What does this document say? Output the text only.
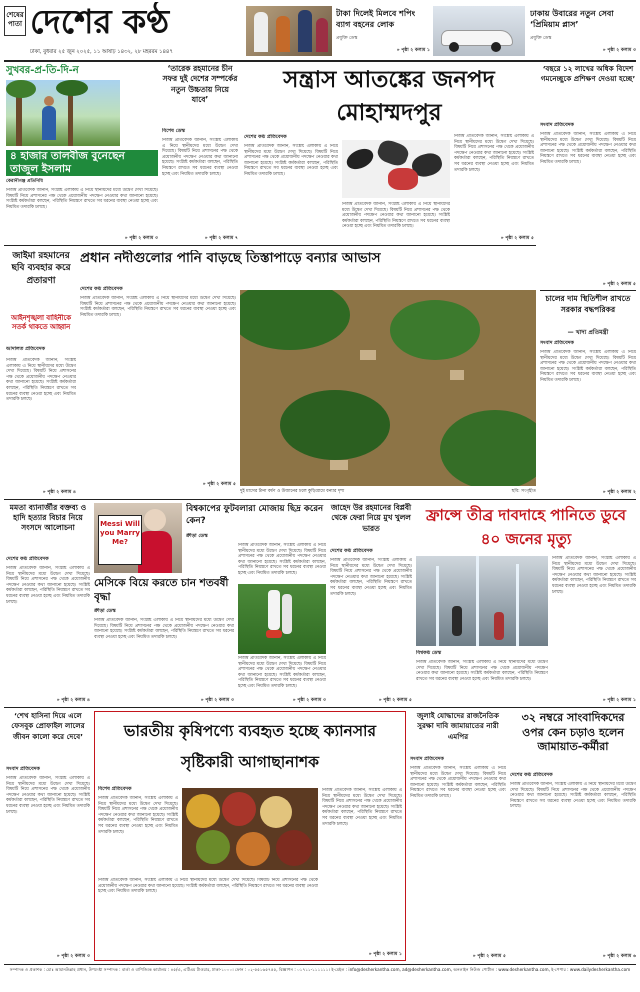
শেষের পাতা দেশের কণ্ঠ
ঢাকা, বুধবার ২৫ জুন ২০২৫, ১১ আষাঢ় ১৪৩২, ২৮ মহররম ১৪৪৭
টাকা দিলেই মিলবে শপিং ব্যাগ বহনের লোক
প্রযুক্তি ডেস্ক
» পৃষ্ঠা ২ কলাম ১
ঢাকায় উবারের নতুন সেবা ‘প্রিমিয়াম প্লাস’
প্রযুক্তি ডেস্ক
» পৃষ্ঠা ২ কলাম ৩
সুখবর-প্র-তি-দি-ন
৪ হাজার তালবীজ বুনেছেন তাজুল ইসলাম
কেরানীগঞ্জ প্রতিনিধি
নিজস্ব প্রতিবেদক জানান, সংশ্লিষ্ট এলাকায় এ নিয়ে স্থানীয়দের মধ্যে উদ্বেগ দেখা দিয়েছে। বিষয়টি নিয়ে প্রশাসনের পক্ষ থেকে প্রয়োজনীয় পদক্ষেপ নেওয়ার কথা জানানো হয়েছে। সংশ্লিষ্ট কর্মকর্তারা বলছেন, পরিস্থিতি নিয়ন্ত্রণে রাখতে সব ধরনের ব্যবস্থা নেওয়া হচ্ছে এবং নিয়মিত তদারকি চলছে।
» পৃষ্ঠা ২ কলাম ৩
‘তারেক রহমানের চীন সফর দুই দেশের সম্পর্কের নতুন উচ্চতায় নিয়ে যাবে’
বিশেষ ডেস্ক
নিজস্ব প্রতিবেদক জানান, সংশ্লিষ্ট এলাকায় এ নিয়ে স্থানীয়দের মধ্যে উদ্বেগ দেখা দিয়েছে। বিষয়টি নিয়ে প্রশাসনের পক্ষ থেকে প্রয়োজনীয় পদক্ষেপ নেওয়ার কথা জানানো হয়েছে। সংশ্লিষ্ট কর্মকর্তারা বলছেন, পরিস্থিতি নিয়ন্ত্রণে রাখতে সব ধরনের ব্যবস্থা নেওয়া হচ্ছে এবং নিয়মিত তদারকি চলছে।
» পৃষ্ঠা ২ কলাম ৭
সন্ত্রাস আতঙ্কের জনপদ মোহাম্মদপুর
দেশের কণ্ঠ প্রতিবেদক
নিজস্ব প্রতিবেদক জানান, সংশ্লিষ্ট এলাকায় এ নিয়ে স্থানীয়দের মধ্যে উদ্বেগ দেখা দিয়েছে। বিষয়টি নিয়ে প্রশাসনের পক্ষ থেকে প্রয়োজনীয় পদক্ষেপ নেওয়ার কথা জানানো হয়েছে। সংশ্লিষ্ট কর্মকর্তারা বলছেন, পরিস্থিতি নিয়ন্ত্রণে রাখতে সব ধরনের ব্যবস্থা নেওয়া হচ্ছে এবং নিয়মিত তদারকি চলছে।
নিজস্ব প্রতিবেদক জানান, সংশ্লিষ্ট এলাকায় এ নিয়ে স্থানীয়দের মধ্যে উদ্বেগ দেখা দিয়েছে। বিষয়টি নিয়ে প্রশাসনের পক্ষ থেকে প্রয়োজনীয় পদক্ষেপ নেওয়ার কথা জানানো হয়েছে। সংশ্লিষ্ট কর্মকর্তারা বলছেন, পরিস্থিতি নিয়ন্ত্রণে রাখতে সব ধরনের ব্যবস্থা নেওয়া হচ্ছে এবং নিয়মিত তদারকি চলছে।
নিজস্ব প্রতিবেদক জানান, সংশ্লিষ্ট এলাকায় এ নিয়ে স্থানীয়দের মধ্যে উদ্বেগ দেখা দিয়েছে। বিষয়টি নিয়ে প্রশাসনের পক্ষ থেকে প্রয়োজনীয় পদক্ষেপ নেওয়ার কথা জানানো হয়েছে। সংশ্লিষ্ট কর্মকর্তারা বলছেন, পরিস্থিতি নিয়ন্ত্রণে রাখতে সব ধরনের ব্যবস্থা নেওয়া হচ্ছে এবং নিয়মিত তদারকি চলছে।
» পৃষ্ঠা ২ কলাম ৫
‘বছরে ১২ লাখের অধিক বিদেশ গমনেচ্ছুকে প্রশিক্ষণ দেওয়া হচ্ছে’
সংবাদ প্রতিবেদক
নিজস্ব প্রতিবেদক জানান, সংশ্লিষ্ট এলাকায় এ নিয়ে স্থানীয়দের মধ্যে উদ্বেগ দেখা দিয়েছে। বিষয়টি নিয়ে প্রশাসনের পক্ষ থেকে প্রয়োজনীয় পদক্ষেপ নেওয়ার কথা জানানো হয়েছে। সংশ্লিষ্ট কর্মকর্তারা বলছেন, পরিস্থিতি নিয়ন্ত্রণে রাখতে সব ধরনের ব্যবস্থা নেওয়া হচ্ছে এবং নিয়মিত তদারকি চলছে।
» পৃষ্ঠা ২ কলাম ৫
জাইমা রহমানের ছবি ব্যবহার করে প্রতারণা
আইনশৃঙ্খলা বাহিনীকে সতর্ক থাকতে আহ্বান
আদালত প্রতিবেদক
নিজস্ব প্রতিবেদক জানান, সংশ্লিষ্ট এলাকায় এ নিয়ে স্থানীয়দের মধ্যে উদ্বেগ দেখা দিয়েছে। বিষয়টি নিয়ে প্রশাসনের পক্ষ থেকে প্রয়োজনীয় পদক্ষেপ নেওয়ার কথা জানানো হয়েছে। সংশ্লিষ্ট কর্মকর্তারা বলছেন, পরিস্থিতি নিয়ন্ত্রণে রাখতে সব ধরনের ব্যবস্থা নেওয়া হচ্ছে এবং নিয়মিত তদারকি চলছে।
» পৃষ্ঠা ২ কলাম ৪
প্রধান নদীগুলোর পানি বাড়ছে তিস্তাপাড়ে বন্যার আভাস
দেশের কণ্ঠ প্রতিবেদক
নিজস্ব প্রতিবেদক জানান, সংশ্লিষ্ট এলাকায় এ নিয়ে স্থানীয়দের মধ্যে উদ্বেগ দেখা দিয়েছে। বিষয়টি নিয়ে প্রশাসনের পক্ষ থেকে প্রয়োজনীয় পদক্ষেপ নেওয়ার কথা জানানো হয়েছে। সংশ্লিষ্ট কর্মকর্তারা বলছেন, পরিস্থিতি নিয়ন্ত্রণে রাখতে সব ধরনের ব্যবস্থা নেওয়া হচ্ছে এবং নিয়মিত তদারকি চলছে।
» পৃষ্ঠা ২ কলাম ৫
দুই মাসের টানা বর্ষণ ও উজানের ঢলে কুড়িগ্রামে বন্যার দৃশ্য	ছবি: সংগৃহীত
চালের দাম স্থিতিশীল রাখতে সরকার বদ্ধপরিকর
— খাদ্য প্রতিমন্ত্রী
সংবাদ প্রতিবেদক
নিজস্ব প্রতিবেদক জানান, সংশ্লিষ্ট এলাকায় এ নিয়ে স্থানীয়দের মধ্যে উদ্বেগ দেখা দিয়েছে। বিষয়টি নিয়ে প্রশাসনের পক্ষ থেকে প্রয়োজনীয় পদক্ষেপ নেওয়ার কথা জানানো হয়েছে। সংশ্লিষ্ট কর্মকর্তারা বলছেন, পরিস্থিতি নিয়ন্ত্রণে রাখতে সব ধরনের ব্যবস্থা নেওয়া হচ্ছে এবং নিয়মিত তদারকি চলছে।
» পৃষ্ঠা ২ কলাম ২
মমতা ব্যানার্জীর বক্তব্য ও হাদি হত্যার বিচার নিয়ে সংসদে আলোচনা
দেশের কণ্ঠ প্রতিবেদক
নিজস্ব প্রতিবেদক জানান, সংশ্লিষ্ট এলাকায় এ নিয়ে স্থানীয়দের মধ্যে উদ্বেগ দেখা দিয়েছে। বিষয়টি নিয়ে প্রশাসনের পক্ষ থেকে প্রয়োজনীয় পদক্ষেপ নেওয়ার কথা জানানো হয়েছে। সংশ্লিষ্ট কর্মকর্তারা বলছেন, পরিস্থিতি নিয়ন্ত্রণে রাখতে সব ধরনের ব্যবস্থা নেওয়া হচ্ছে এবং নিয়মিত তদারকি চলছে।
» পৃষ্ঠা ২ কলাম ৪
Messi Will you Marry Me?
মেসিকে বিয়ে করতে চান শতবর্ষী বৃদ্ধা
ক্রীড়া ডেস্ক
নিজস্ব প্রতিবেদক জানান, সংশ্লিষ্ট এলাকায় এ নিয়ে স্থানীয়দের মধ্যে উদ্বেগ দেখা দিয়েছে। বিষয়টি নিয়ে প্রশাসনের পক্ষ থেকে প্রয়োজনীয় পদক্ষেপ নেওয়ার কথা জানানো হয়েছে। সংশ্লিষ্ট কর্মকর্তারা বলছেন, পরিস্থিতি নিয়ন্ত্রণে রাখতে সব ধরনের ব্যবস্থা নেওয়া হচ্ছে এবং নিয়মিত তদারকি চলছে।
» পৃষ্ঠা ২ কলাম ৩
বিশ্বকাপের ফুটবলারা মোজায় ছিদ্র করেন কেন?
ক্রীড়া ডেস্ক
নিজস্ব প্রতিবেদক জানান, সংশ্লিষ্ট এলাকায় এ নিয়ে স্থানীয়দের মধ্যে উদ্বেগ দেখা দিয়েছে। বিষয়টি নিয়ে প্রশাসনের পক্ষ থেকে প্রয়োজনীয় পদক্ষেপ নেওয়ার কথা জানানো হয়েছে। সংশ্লিষ্ট কর্মকর্তারা বলছেন, পরিস্থিতি নিয়ন্ত্রণে রাখতে সব ধরনের ব্যবস্থা নেওয়া হচ্ছে এবং নিয়মিত তদারকি চলছে।
নিজস্ব প্রতিবেদক জানান, সংশ্লিষ্ট এলাকায় এ নিয়ে স্থানীয়দের মধ্যে উদ্বেগ দেখা দিয়েছে। বিষয়টি নিয়ে প্রশাসনের পক্ষ থেকে প্রয়োজনীয় পদক্ষেপ নেওয়ার কথা জানানো হয়েছে। সংশ্লিষ্ট কর্মকর্তারা বলছেন, পরিস্থিতি নিয়ন্ত্রণে রাখতে সব ধরনের ব্যবস্থা নেওয়া হচ্ছে এবং নিয়মিত তদারকি চলছে।
» পৃষ্ঠা ২ কলাম ৩
জাহেদ উর রহমানের বিপ্লবী থেকে ফেরা নিয়ে মুখ খুলল ভারত
দেশের কণ্ঠ প্রতিবেদক
নিজস্ব প্রতিবেদক জানান, সংশ্লিষ্ট এলাকায় এ নিয়ে স্থানীয়দের মধ্যে উদ্বেগ দেখা দিয়েছে। বিষয়টি নিয়ে প্রশাসনের পক্ষ থেকে প্রয়োজনীয় পদক্ষেপ নেওয়ার কথা জানানো হয়েছে। সংশ্লিষ্ট কর্মকর্তারা বলছেন, পরিস্থিতি নিয়ন্ত্রণে রাখতে সব ধরনের ব্যবস্থা নেওয়া হচ্ছে এবং নিয়মিত তদারকি চলছে।
» পৃষ্ঠা ২ কলাম ৫
ফ্রান্সে তীব্র দাবদাহে পানিতে ডুবে ৪০ জনের মৃত্যু
বিশ্বকণ্ঠ ডেস্ক
নিজস্ব প্রতিবেদক জানান, সংশ্লিষ্ট এলাকায় এ নিয়ে স্থানীয়দের মধ্যে উদ্বেগ দেখা দিয়েছে। বিষয়টি নিয়ে প্রশাসনের পক্ষ থেকে প্রয়োজনীয় পদক্ষেপ নেওয়ার কথা জানানো হয়েছে। সংশ্লিষ্ট কর্মকর্তারা বলছেন, পরিস্থিতি নিয়ন্ত্রণে রাখতে সব ধরনের ব্যবস্থা নেওয়া হচ্ছে এবং নিয়মিত তদারকি চলছে।
নিজস্ব প্রতিবেদক জানান, সংশ্লিষ্ট এলাকায় এ নিয়ে স্থানীয়দের মধ্যে উদ্বেগ দেখা দিয়েছে। বিষয়টি নিয়ে প্রশাসনের পক্ষ থেকে প্রয়োজনীয় পদক্ষেপ নেওয়ার কথা জানানো হয়েছে। সংশ্লিষ্ট কর্মকর্তারা বলছেন, পরিস্থিতি নিয়ন্ত্রণে রাখতে সব ধরনের ব্যবস্থা নেওয়া হচ্ছে এবং নিয়মিত তদারকি চলছে।
» পৃষ্ঠা ২ কলাম ১
‘শেখ হাসিনা দিয়ে এলে ফেসবুক প্রোফাইল লালের জীবন কালো করে দেবে’
সংবাদ প্রতিবেদক
নিজস্ব প্রতিবেদক জানান, সংশ্লিষ্ট এলাকায় এ নিয়ে স্থানীয়দের মধ্যে উদ্বেগ দেখা দিয়েছে। বিষয়টি নিয়ে প্রশাসনের পক্ষ থেকে প্রয়োজনীয় পদক্ষেপ নেওয়ার কথা জানানো হয়েছে। সংশ্লিষ্ট কর্মকর্তারা বলছেন, পরিস্থিতি নিয়ন্ত্রণে রাখতে সব ধরনের ব্যবস্থা নেওয়া হচ্ছে এবং নিয়মিত তদারকি চলছে।
» পৃষ্ঠা ২ কলাম ৩
ভারতীয় কৃষিপণ্যে ব্যবহৃত হচ্ছে ক্যানসার সৃষ্টিকারী আগাছানাশক
বিশেষ প্রতিবেদক
নিজস্ব প্রতিবেদক জানান, সংশ্লিষ্ট এলাকায় এ নিয়ে স্থানীয়দের মধ্যে উদ্বেগ দেখা দিয়েছে। বিষয়টি নিয়ে প্রশাসনের পক্ষ থেকে প্রয়োজনীয় পদক্ষেপ নেওয়ার কথা জানানো হয়েছে। সংশ্লিষ্ট কর্মকর্তারা বলছেন, পরিস্থিতি নিয়ন্ত্রণে রাখতে সব ধরনের ব্যবস্থা নেওয়া হচ্ছে এবং নিয়মিত তদারকি চলছে।
নিজস্ব প্রতিবেদক জানান, সংশ্লিষ্ট এলাকায় এ নিয়ে স্থানীয়দের মধ্যে উদ্বেগ দেখা দিয়েছে। বিষয়টি নিয়ে প্রশাসনের পক্ষ থেকে প্রয়োজনীয় পদক্ষেপ নেওয়ার কথা জানানো হয়েছে। সংশ্লিষ্ট কর্মকর্তারা বলছেন, পরিস্থিতি নিয়ন্ত্রণে রাখতে সব ধরনের ব্যবস্থা নেওয়া হচ্ছে এবং নিয়মিত তদারকি চলছে।
নিজস্ব প্রতিবেদক জানান, সংশ্লিষ্ট এলাকায় এ নিয়ে স্থানীয়দের মধ্যে উদ্বেগ দেখা দিয়েছে। বিষয়টি নিয়ে প্রশাসনের পক্ষ থেকে প্রয়োজনীয় পদক্ষেপ নেওয়ার কথা জানানো হয়েছে। সংশ্লিষ্ট কর্মকর্তারা বলছেন, পরিস্থিতি নিয়ন্ত্রণে রাখতে সব ধরনের ব্যবস্থা নেওয়া হচ্ছে এবং নিয়মিত তদারকি চলছে।
» পৃষ্ঠা ২ কলাম ১
জুলাই যোদ্ধাদের রাজনৈতিক সুরক্ষা দাবি জামায়াতের নারী এমপির
সংবাদ প্রতিবেদক
নিজস্ব প্রতিবেদক জানান, সংশ্লিষ্ট এলাকায় এ নিয়ে স্থানীয়দের মধ্যে উদ্বেগ দেখা দিয়েছে। বিষয়টি নিয়ে প্রশাসনের পক্ষ থেকে প্রয়োজনীয় পদক্ষেপ নেওয়ার কথা জানানো হয়েছে। সংশ্লিষ্ট কর্মকর্তারা বলছেন, পরিস্থিতি নিয়ন্ত্রণে রাখতে সব ধরনের ব্যবস্থা নেওয়া হচ্ছে এবং নিয়মিত তদারকি চলছে।
» পৃষ্ঠা ২ কলাম ৫
৩২ নম্বরে সাংবাদিকদের ওপর কেন চড়াও হলেন জামায়াত-কর্মীরা
দেশের কণ্ঠ প্রতিবেদক
নিজস্ব প্রতিবেদক জানান, সংশ্লিষ্ট এলাকায় এ নিয়ে স্থানীয়দের মধ্যে উদ্বেগ দেখা দিয়েছে। বিষয়টি নিয়ে প্রশাসনের পক্ষ থেকে প্রয়োজনীয় পদক্ষেপ নেওয়ার কথা জানানো হয়েছে। সংশ্লিষ্ট কর্মকর্তারা বলছেন, পরিস্থিতি নিয়ন্ত্রণে রাখতে সব ধরনের ব্যবস্থা নেওয়া হচ্ছে এবং নিয়মিত তদারকি চলছে।
» পৃষ্ঠা ২ কলাম ৬
সম্পাদক ও প্রকাশক : মোঃ আমানউল্লাহ প্রধান, উপদেষ্টা সম্পাদক : বার্তা ও বাণিজ্যিক কার্যালয় : ৪৫/এ, এটিএম টাওয়ার, ঢাকা-১০০০। ফোন : ০২-৫৫১৬৫৭৫৫, বিজ্ঞাপন : ০১৭১১-১১১১১১। ই-মেইল : info@desherkantha.com, ad@desherkantha.com, অনলাইন নিউজ পোর্টাল : www.desherkantha.com, ই-পেপার : www.dailydesherkantha.com
